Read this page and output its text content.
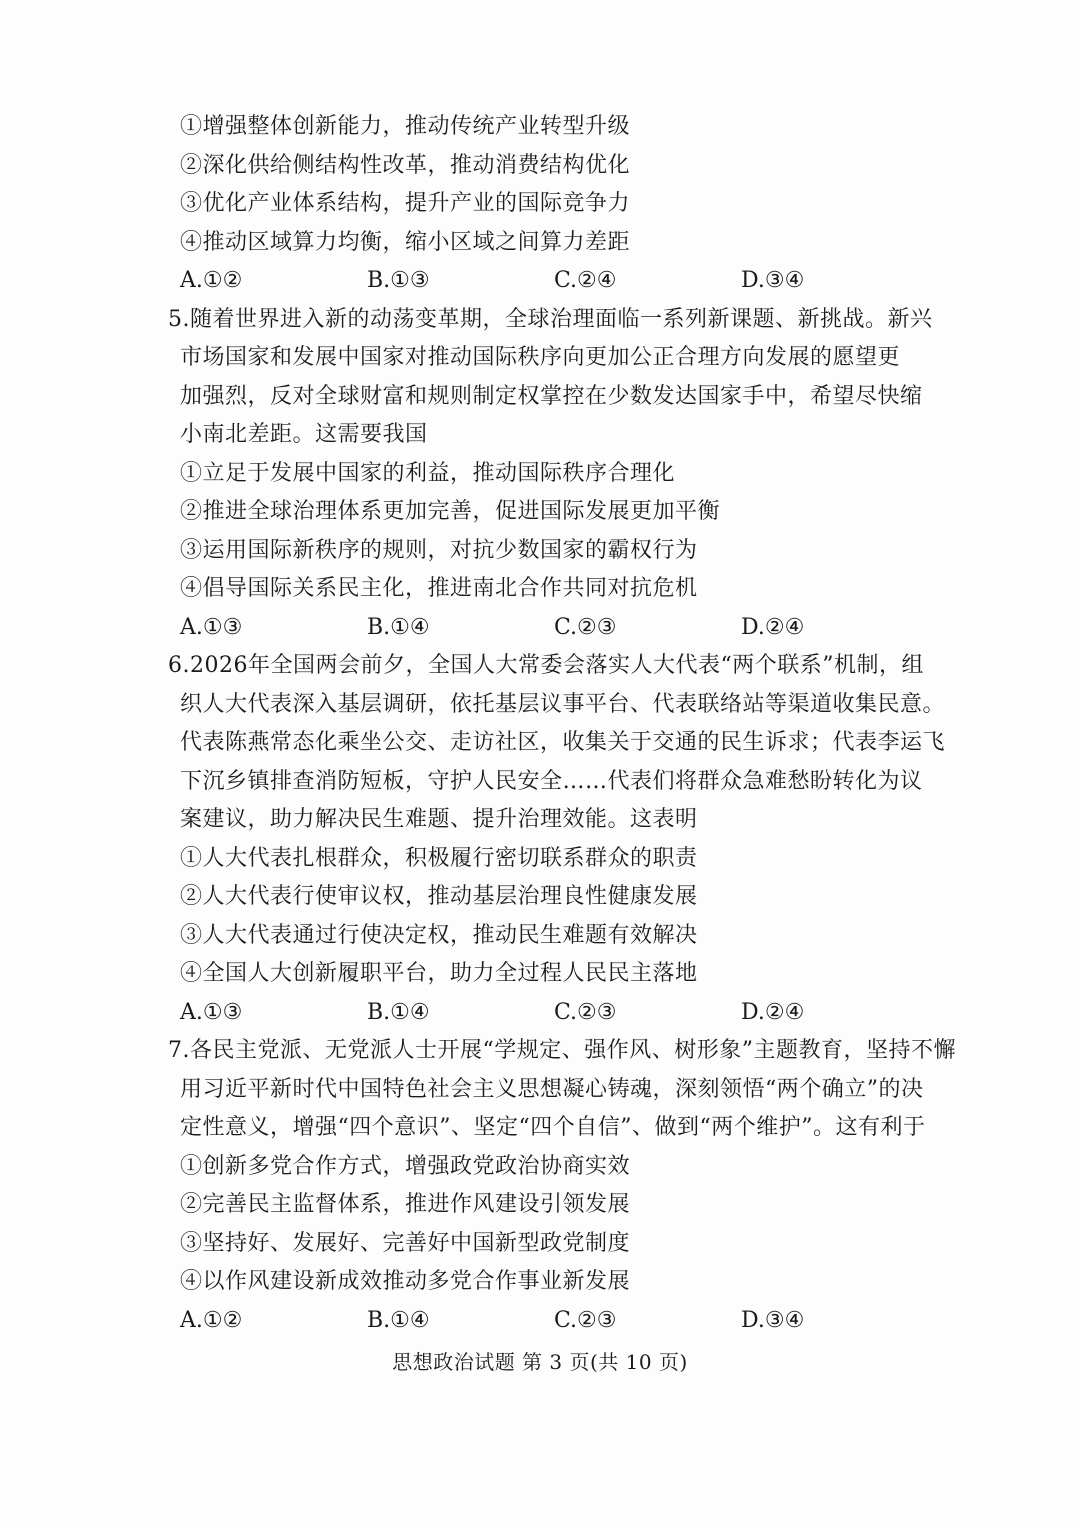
①增强整体创新能力，推动传统产业转型升级
②深化供给侧结构性改革，推动消费结构优化
③优化产业体系结构，提升产业的国际竞争力
④推动区域算力均衡，缩小区域之间算力差距
A.①②	B.①③	C.②④	D.③④
5.随着世界进入新的动荡变革期，全球治理面临一系列新课题、新挑战。新兴
市场国家和发展中国家对推动国际秩序向更加公正合理方向发展的愿望更
加强烈，反对全球财富和规则制定权掌控在少数发达国家手中，希望尽快缩
小南北差距。这需要我国
①立足于发展中国家的利益，推动国际秩序合理化
②推进全球治理体系更加完善，促进国际发展更加平衡
③运用国际新秩序的规则，对抗少数国家的霸权行为
④倡导国际关系民主化，推进南北合作共同对抗危机
A.①③	B.①④	C.②③	D.②④
6.2026年全国两会前夕，全国人大常委会落实人大代表“两个联系”机制，组
织人大代表深入基层调研，依托基层议事平台、代表联络站等渠道收集民意。
代表陈燕常态化乘坐公交、走访社区，收集关于交通的民生诉求；代表李运飞
下沉乡镇排查消防短板，守护人民安全……代表们将群众急难愁盼转化为议
案建议，助力解决民生难题、提升治理效能。这表明
①人大代表扎根群众，积极履行密切联系群众的职责
②人大代表行使审议权，推动基层治理良性健康发展
③人大代表通过行使决定权，推动民生难题有效解决
④全国人大创新履职平台，助力全过程人民民主落地
A.①③	B.①④	C.②③	D.②④
7.各民主党派、无党派人士开展“学规定、强作风、树形象”主题教育，坚持不懈
用习近平新时代中国特色社会主义思想凝心铸魂，深刻领悟“两个确立”的决
定性意义，增强“四个意识”、坚定“四个自信”、做到“两个维护”。这有利于
①创新多党合作方式，增强政党政治协商实效
②完善民主监督体系，推进作风建设引领发展
③坚持好、发展好、完善好中国新型政党制度
④以作风建设新成效推动多党合作事业新发展
A.①②	B.①④	C.②③	D.③④
思想政治试题 第 3 页(共 10 页)
